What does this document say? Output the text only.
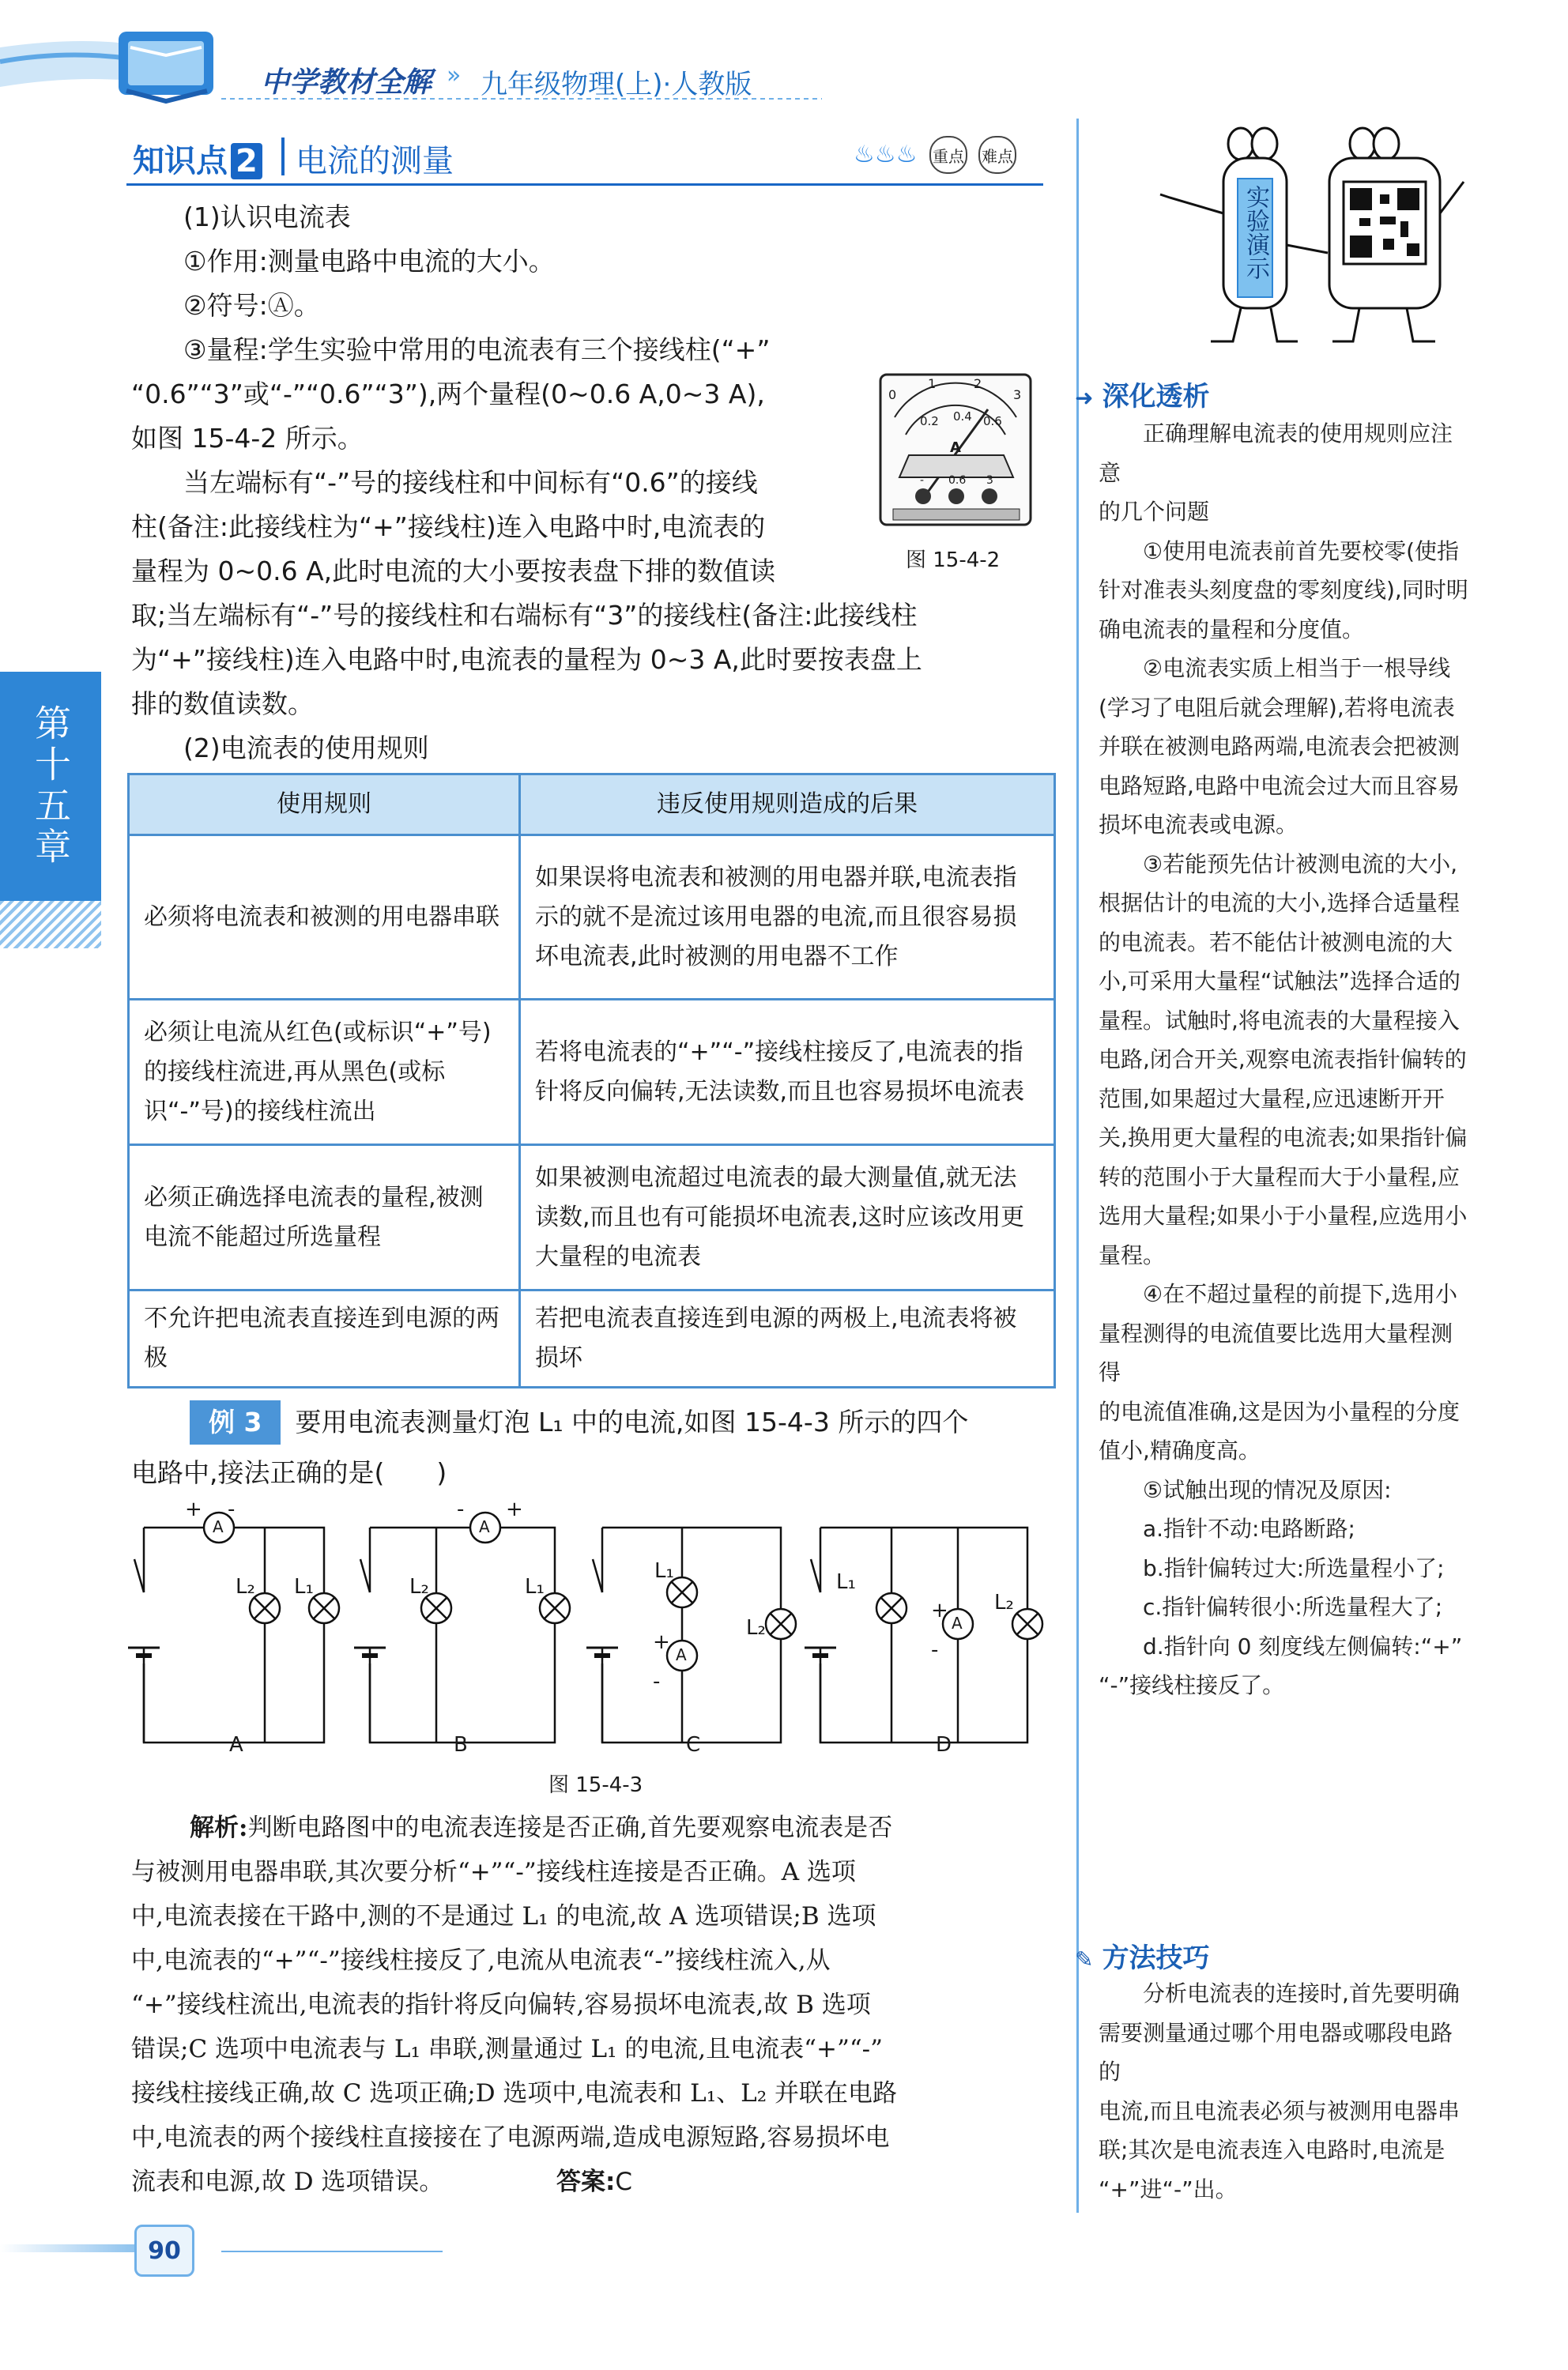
中学教材全解 » 九年级物理(上)·人教版
知识点 2 电流的测量	♨♨♨ 重点 难点
(1)认识电流表
①作用:测量电路中电流的大小。
②符号:Ⓐ。
③量程:学生实验中常用的电流表有三个接线柱(“+”
“0.6”“3”或“-”“0.6”“3”),两个量程(0~0.6 A,0~3 A),
如图 15-4-2 所示。
当左端标有“-”号的接线柱和中间标有“0.6”的接线
柱(备注:此接线柱为“+”接线柱)连入电路中时,电流表的
量程为 0~0.6 A,此时电流的大小要按表盘下排的数值读
取;当左端标有“-”号的接线柱和右端标有“3”的接线柱(备注:此接线柱
为“+”接线柱)连入电路中时,电流表的量程为 0~3 A,此时要按表盘上
排的数值读数。
0
1	2
3
0.2 0.4 0.6
A
- 0.6 3
图 15-4-2
(2)电流表的使用规则
使用规则	违反使用规则造成的后果
必须将电流表和被测的用电器串联	如果误将电流表和被测的用电器并联,电流表指示的就不是流过该用电器的电流,而且很容易损坏电流表,此时被测的用电器不工作
必须让电流从红色(或标识“+”号)的接线柱流进,再从黑色(或标识“-”号)的接线柱流出	若将电流表的“+”“-”接线柱接反了,电流表的指针将反向偏转,无法读数,而且也容易损坏电流表
必须正确选择电流表的量程,被测电流不能超过所选量程	如果被测电流超过电流表的最大测量值,就无法读数,而且也有可能损坏电流表,这时应该改用更大量程的电流表
不允许把电流表直接连到电源的两极	若把电流表直接连到电源的两极上,电流表将被损坏
例 3 要用电流表测量灯泡 L₁ 中的电流,如图 15-4-3 所示的四个
电路中,接法正确的是(　　)
A
+ -
L₂ L₁
A
A
- +
L₂	L₁
B
A
L₁
+
-
L₂
C
A
L₁
+
-
L₂
D
图 15-4-3
解析:判断电路图中的电流表连接是否正确,首先要观察电流表是否
与被测用电器串联,其次要分析“+”“-”接线柱连接是否正确。A 选项
中,电流表接在干路中,测的不是通过 L₁ 的电流,故 A 选项错误;B 选项
中,电流表的“+”“-”接线柱接反了,电流从电流表“-”接线柱流入,从
“+”接线柱流出,电流表的指针将反向偏转,容易损坏电流表,故 B 选项
错误;C 选项中电流表与 L₁ 串联,测量通过 L₁ 的电流,且电流表“+”“-”
接线柱接线正确,故 C 选项正确;D 选项中,电流表和 L₁、L₂ 并联在电路
中,电流表的两个接线柱直接接在了电源两端,造成电源短路,容易损坏电
流表和电源,故 D 选项错误。	答案:C
第十五章
实验演示
➜ 深化透析
　　正确理解电流表的使用规则应注意
的几个问题
　　①使用电流表前首先要校零(使指
针对准表头刻度盘的零刻度线),同时明
确电流表的量程和分度值。
　　②电流表实质上相当于一根导线
(学习了电阻后就会理解),若将电流表
并联在被测电路两端,电流表会把被测
电路短路,电路中电流会过大而且容易
损坏电流表或电源。
　　③若能预先估计被测电流的大小,
根据估计的电流的大小,选择合适量程
的电流表。若不能估计被测电流的大
小,可采用大量程“试触法”选择合适的
量程。试触时,将电流表的大量程接入
电路,闭合开关,观察电流表指针偏转的
范围,如果超过大量程,应迅速断开开
关,换用更大量程的电流表;如果指针偏
转的范围小于大量程而大于小量程,应
选用大量程;如果小于小量程,应选用小
量程。
　　④在不超过量程的前提下,选用小
量程测得的电流值要比选用大量程测得
的电流值准确,这是因为小量程的分度
值小,精确度高。
　　⑤试触出现的情况及原因:
　　a.指针不动:电路断路;
　　b.指针偏转过大:所选量程小了;
　　c.指针偏转很小:所选量程大了;
　　d.指针向 0 刻度线左侧偏转:“+”
“-”接线柱接反了。
✎ 方法技巧
　　分析电流表的连接时,首先要明确
需要测量通过哪个用电器或哪段电路的
电流,而且电流表必须与被测用电器串
联;其次是电流表连入电路时,电流是
“+”进“-”出。
90
